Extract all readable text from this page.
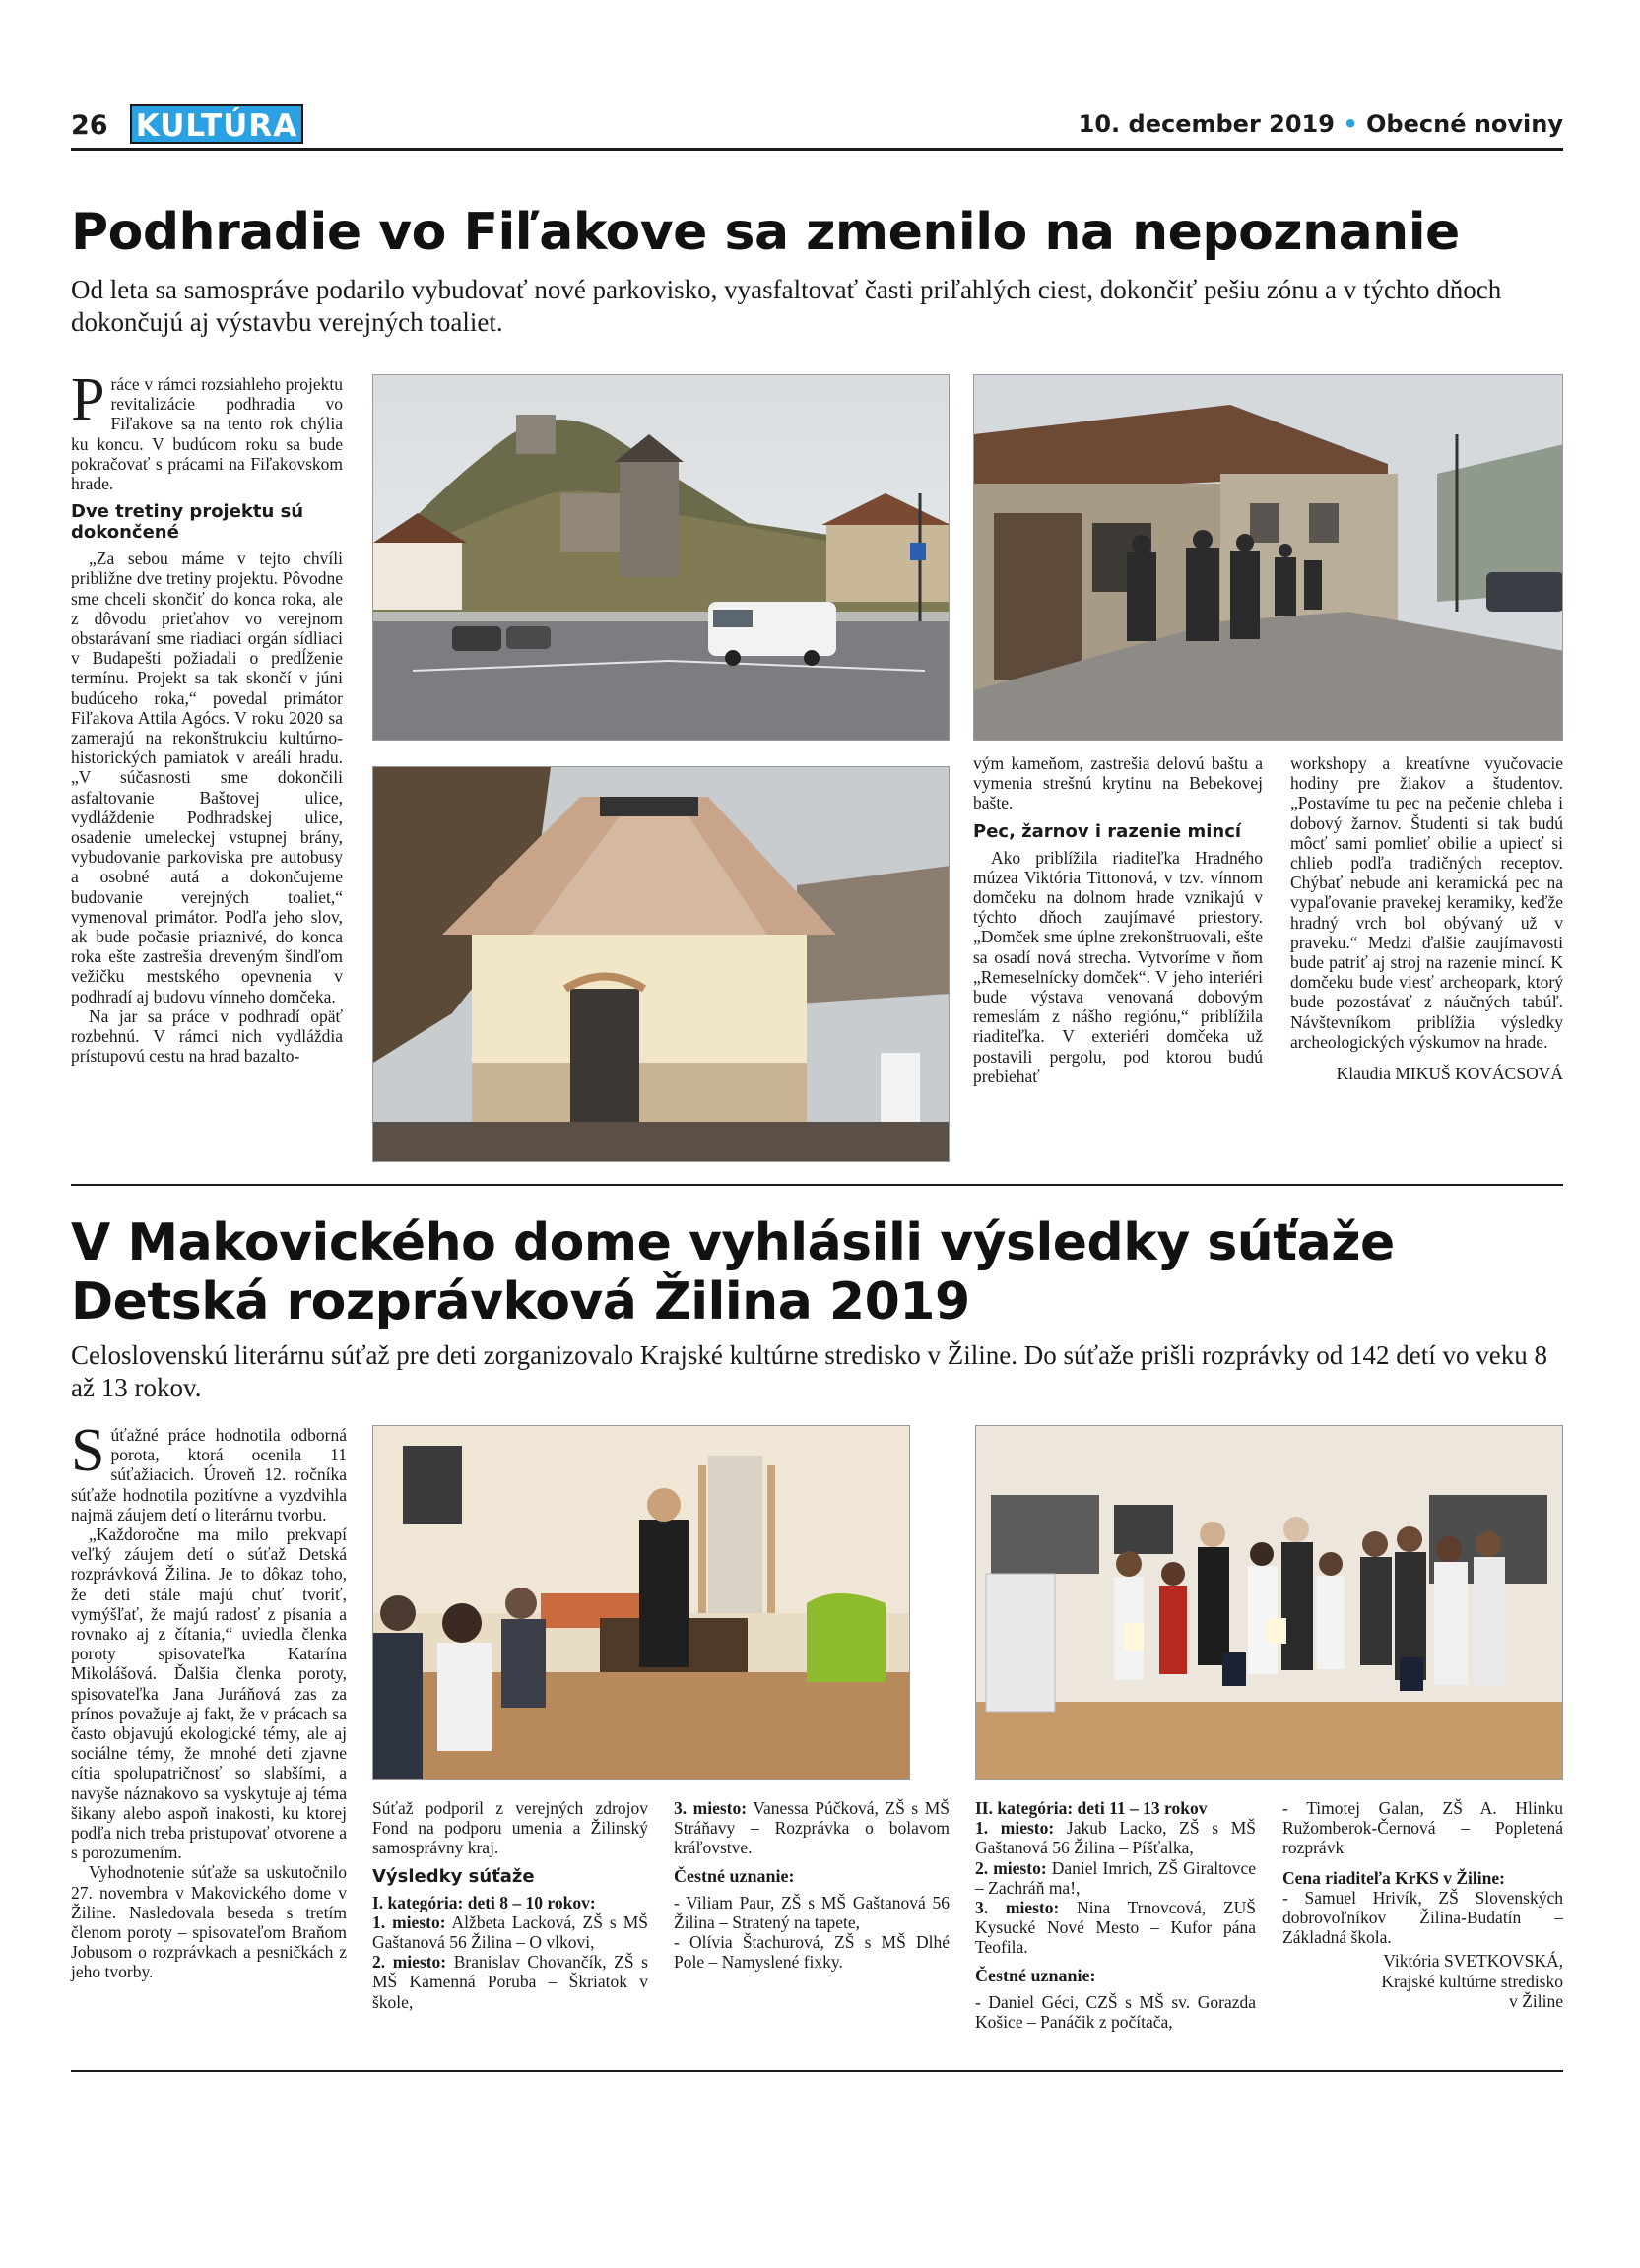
26 KULTÚRA	10. december 2019 • Obecné noviny
Podhradie vo Fiľakove sa zmenilo na nepoznanie
Od leta sa samospráve podarilo vybudovať nové parkovisko, vyasfaltovať časti priľahlých ciest, dokončiť pešiu zónu a v týchto dňoch dokončujú aj výstavbu verejných toaliet.

Práce v rámci rozsiahleho projektu revitalizácie podhradia vo Fiľakove sa na tento rok chýlia ku koncu. V budúcom roku sa bude pokračovať s prácami na Fiľakovskom hrade.

Dve tretiny projektu sú dokončené

„Za sebou máme v tejto chvíli približne dve tretiny projektu. Pôvodne sme chceli skončiť do konca roka, ale z dôvodu prieťahov vo verejnom obstarávaní sme riadiaci orgán sídliaci v Budapešti požiadali o predĺženie termínu. Projekt sa tak skončí v júni budúceho roka,“ povedal primátor Fiľakova Attila Agócs. V roku 2020 sa zamerajú na rekonštrukciu kultúrno-historických pamiatok v areáli hradu. „V súčasnosti sme dokončili asfaltovanie Baštovej ulice, vydláždenie Podhradskej ulice, osadenie umeleckej vstupnej brány, vybudovanie parkoviska pre autobusy a osobné autá a dokončujeme budovanie verejných toaliet,“ vymenoval primátor. Podľa jeho slov, ak bude počasie priaznivé, do konca roka ešte zastrešia dreveným šindľom vežičku mestského opevnenia v podhradí aj budovu vínneho domčeka.

Na jar sa práce v podhradí opäť rozbehnú. V rámci nich vydláždia prístupovú cestu na hrad bazalto-

vým kameňom, zastrešia delovú baštu a vymenia strešnú krytinu na Bebekovej bašte.

Pec, žarnov i razenie mincí

Ako priblížila riaditeľka Hradného múzea Viktória Tittonová, v tzv. vínnom domčeku na dolnom hrade vznikajú v týchto dňoch zaujímavé priestory. „Domček sme úplne zrekonštruovali, ešte sa osadí nová strecha. Vytvoríme v ňom „Remeselnícky domček“. V jeho interiéri bude výstava venovaná dobovým remeslám z nášho regiónu,“ priblížila riaditeľka. V exteriéri domčeka už postavili pergolu, pod ktorou budú prebiehať

workshopy a kreatívne vyučovacie hodiny pre žiakov a študentov. „Postavíme tu pec na pečenie chleba i dobový žarnov. Študenti si tak budú môcť sami pomlieť obilie a upiecť si chlieb podľa tradičných receptov. Chýbať nebude ani keramická pec na vypaľovanie pravekej keramiky, keďže hradný vrch bol obývaný už v praveku.“ Medzi ďalšie zaujímavosti bude patriť aj stroj na razenie mincí. K domčeku bude viesť archeopark, ktorý bude pozostávať z náučných tabúľ. Návštevníkom priblížia výsledky archeologických výskumov na hrade.

Klaudia MIKUŠ KOVÁCSOVÁ
V Makovického dome vyhlásili výsledky súťaže Detská rozprávková Žilina 2019
Celoslovenskú literárnu súťaž pre deti zorganizovalo Krajské kultúrne stredisko v Žiline. Do súťaže prišli rozprávky od 142 detí vo veku 8 až 13 rokov.

Súťažné práce hodnotila odborná porota, ktorá ocenila 11 súťažiacich. Úroveň 12. ročníka súťaže hodnotila pozitívne a vyzdvihla najmä záujem detí o literárnu tvorbu.

„Každoročne ma milo prekvapí veľký záujem detí o súťaž Detská rozprávková Žilina. Je to dôkaz toho, že deti stále majú chuť tvoriť, vymýšľať, že majú radosť z písania a rovnako aj z čítania,“ uviedla členka poroty spisovateľka Katarína Mikolášová. Ďalšia členka poroty, spisovateľka Jana Juráňová zas za prínos považuje aj fakt, že v prácach sa často objavujú ekologické témy, ale aj sociálne témy, že mnohé deti zjavne cítia spolupatričnosť so slabšími, a navyše náznakovo sa vyskytuje aj téma šikany alebo aspoň inakosti, ku ktorej podľa nich treba pristupovať otvorene a s porozumením.

Vyhodnotenie súťaže sa uskutočnilo 27. novembra v Makovického dome v Žiline. Nasledovala beseda s tretím členom poroty – spisovateľom Braňom Jobusom o rozprávkach a pesničkách z jeho tvorby.

Súťaž podporil z verejných zdrojov Fond na podporu umenia a Žilinský samosprávny kraj.

Výsledky súťaže

I. kategória: deti 8 – 10 rokov:

1. miesto: Alžbeta Lacková, ZŠ s MŠ Gaštanová 56 Žilina – O vlkovi,

2. miesto: Branislav Chovančík, ZŠ s MŠ Kamenná Poruba – Škriatok v škole,

3. miesto: Vanessa Púčková, ZŠ s MŠ Stráňavy – Rozprávka o bolavom kráľovstve.

Čestné uznanie:

- Viliam Paur, ZŠ s MŠ Gaštanová 56 Žilina – Stratený na tapete,

- Olívia Štachurová, ZŠ s MŠ Dlhé Pole – Namyslené fixky.

II. kategória: deti 11 – 13 rokov

1. miesto: Jakub Lacko, ZŠ s MŠ Gaštanová 56 Žilina – Píšťalka,

2. miesto: Daniel Imrich, ZŠ Giraltovce – Zachráň ma!,

3. miesto: Nina Trnovcová, ZUŠ Kysucké Nové Mesto – Kufor pána Teofila.

Čestné uznanie:

- Daniel Géci, CZŠ s MŠ sv. Gorazda Košice – Panáčik z počítača,

- Timotej Galan, ZŠ A. Hlinku Ružomberok-Černová – Popletená rozprávk

Cena riaditeľa KrKS v Žiline:

- Samuel Hrivík, ZŠ Slovenských dobrovoľníkov Žilina-Budatín – Základná škola.

Viktória SVETKOVSKÁ,
Krajské kultúrne stredisko
v Žiline
